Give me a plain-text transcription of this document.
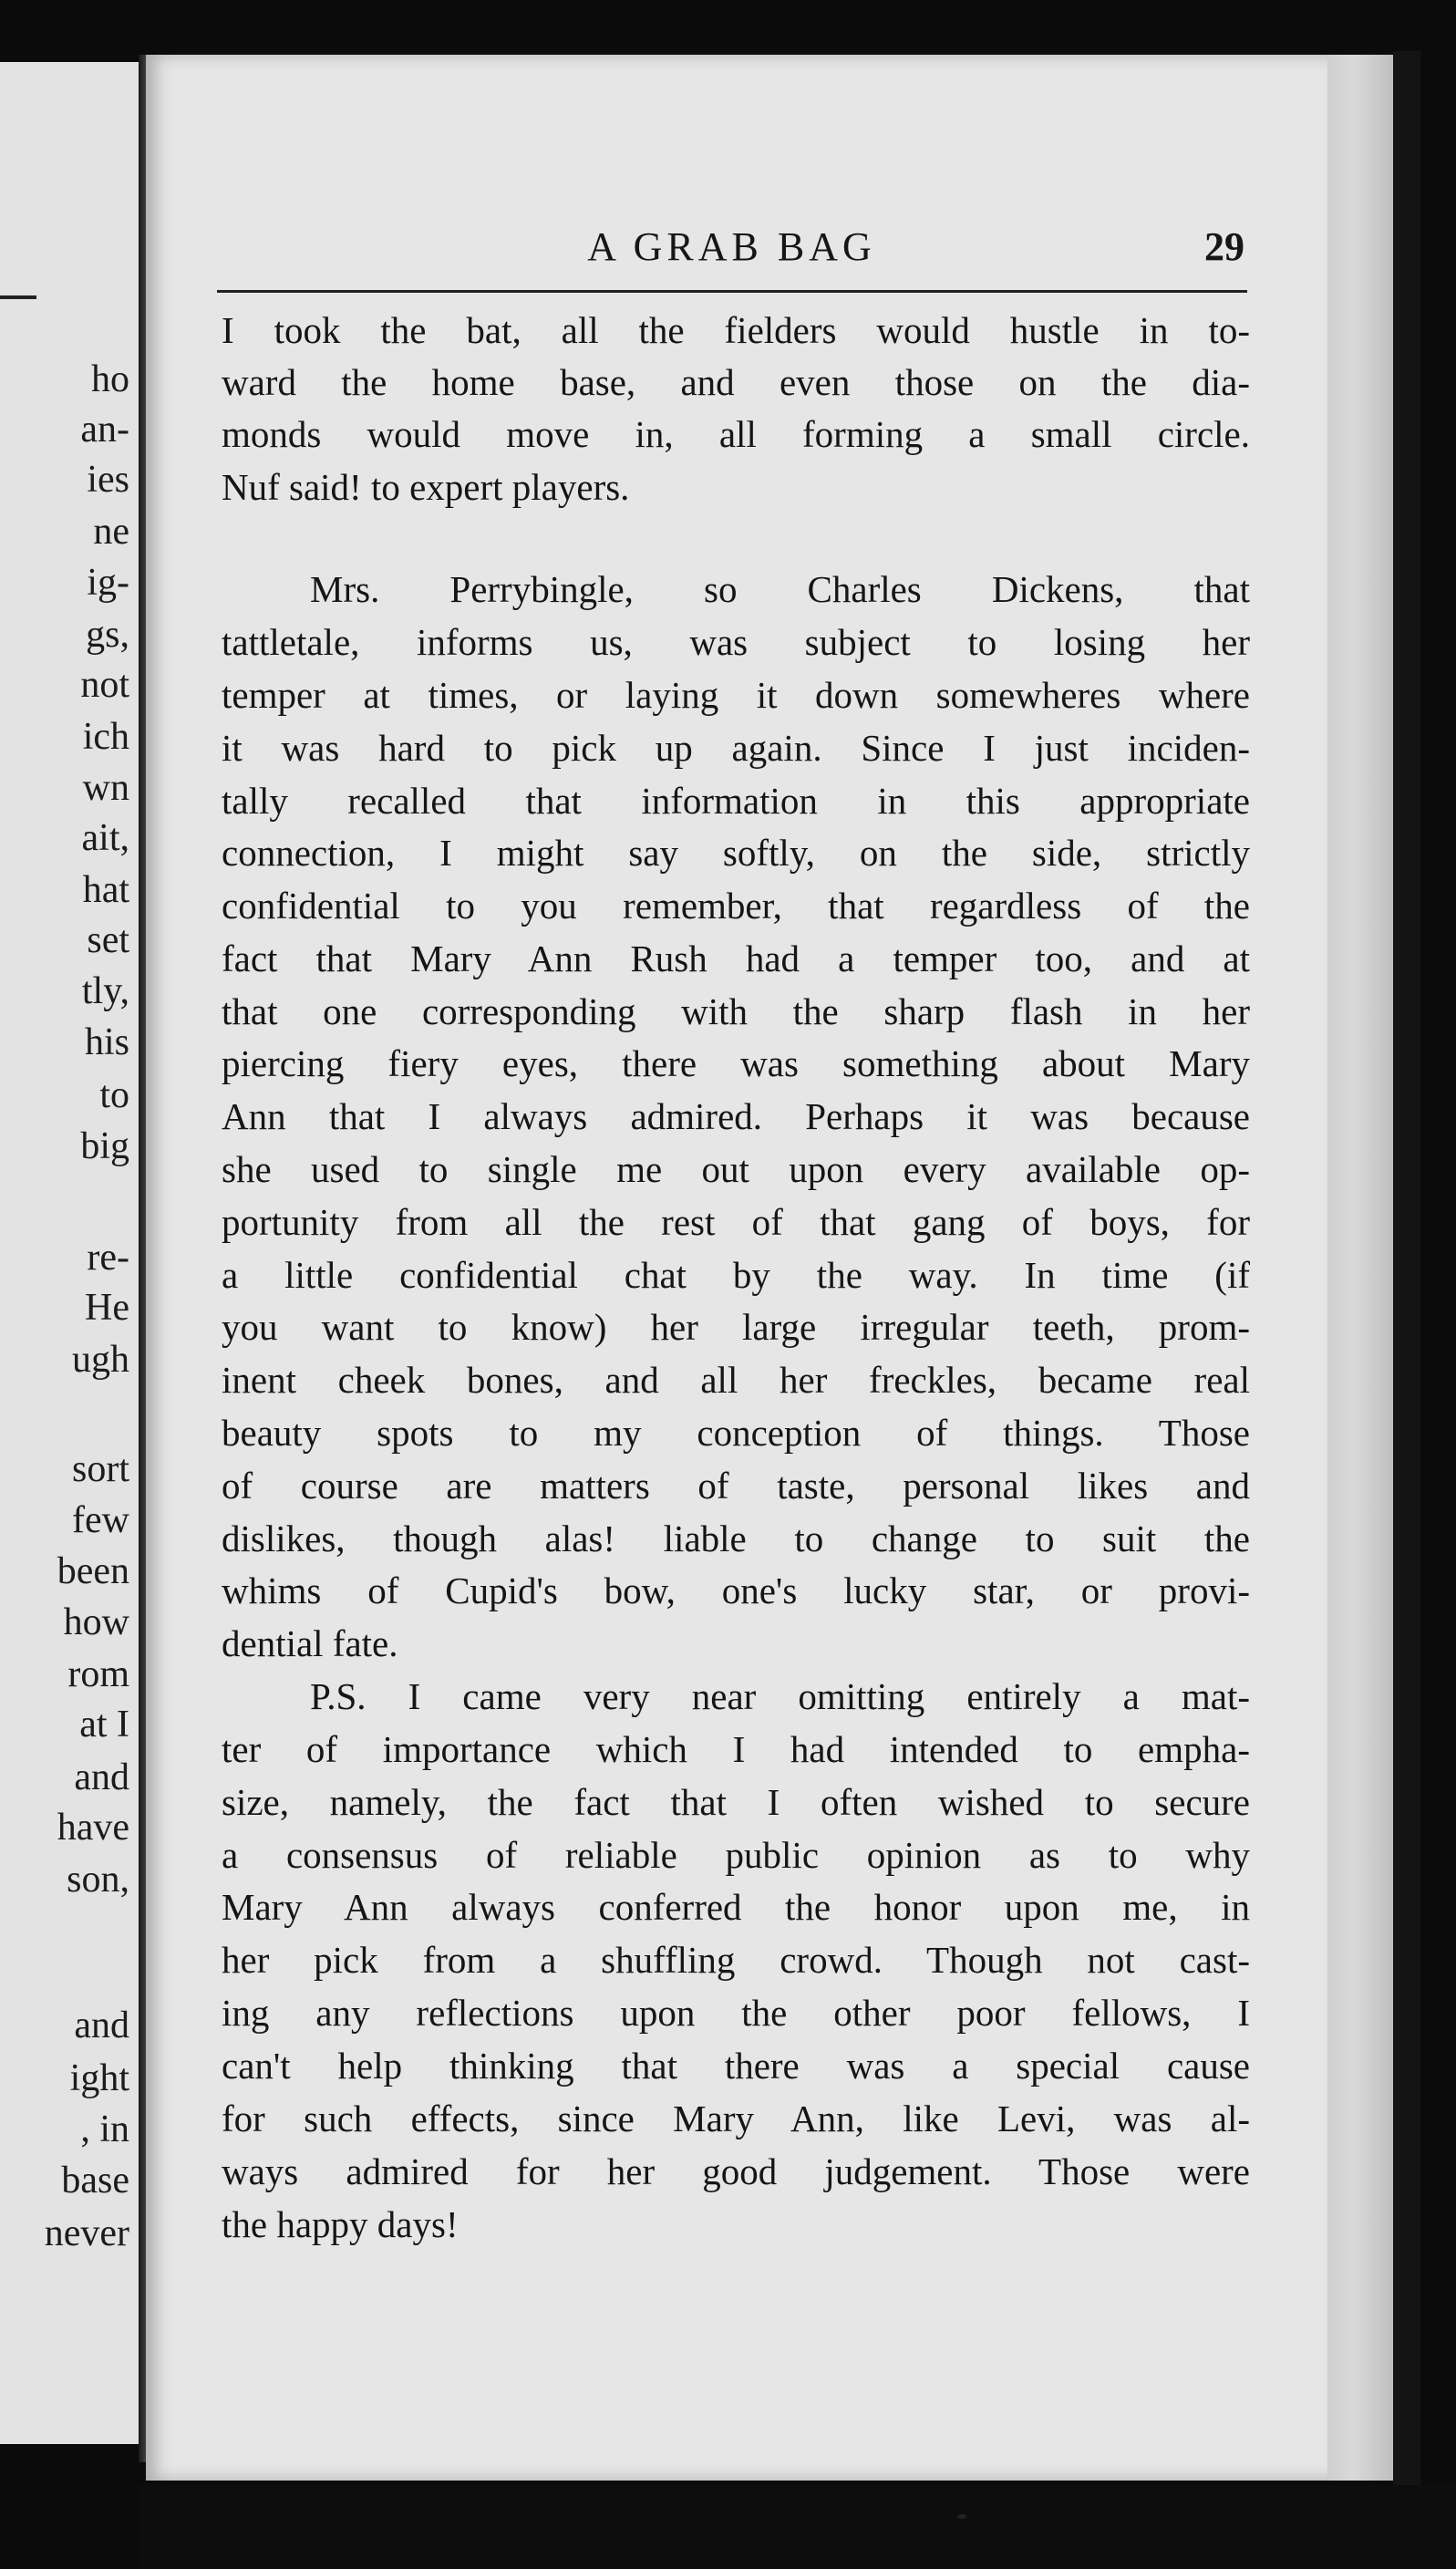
ho
an-
ies
ne
ig-
gs,
not
ich
wn
ait,
hat
set
tly,
his
to
big
re-
He
ugh
sort
few
been
how
rom
at I
and
have
son,
and
ight
, in
base
never
A GRAB BAG	29
I took the bat, all the fielders would hustle in to-
ward the home base, and even those on the dia-
monds would move in, all forming a small circle.
Nuf said! to expert players.
Mrs. Perrybingle, so Charles Dickens, that
tattletale, informs us, was subject to losing her
temper at times, or laying it down somewheres where
it was hard to pick up again. Since I just inciden-
tally recalled that information in this appropriate
connection, I might say softly, on the side, strictly
confidential to you remember, that regardless of the
fact that Mary Ann Rush had a temper too, and at
that one corresponding with the sharp flash in her
piercing fiery eyes, there was something about Mary
Ann that I always admired. Perhaps it was because
she used to single me out upon every available op-
portunity from all the rest of that gang of boys, for
a little confidential chat by the way. In time (if
you want to know) her large irregular teeth, prom-
inent cheek bones, and all her freckles, became real
beauty spots to my conception of things. Those
of course are matters of taste, personal likes and
dislikes, though alas! liable to change to suit the
whims of Cupid's bow, one's lucky star, or provi-
dential fate.
P.S. I came very near omitting entirely a mat-
ter of importance which I had intended to empha-
size, namely, the fact that I often wished to secure
a consensus of reliable public opinion as to why
Mary Ann always conferred the honor upon me, in
her pick from a shuffling crowd. Though not cast-
ing any reflections upon the other poor fellows, I
can't help thinking that there was a special cause
for such effects, since Mary Ann, like Levi, was al-
ways admired for her good judgement. Those were
the happy days!
